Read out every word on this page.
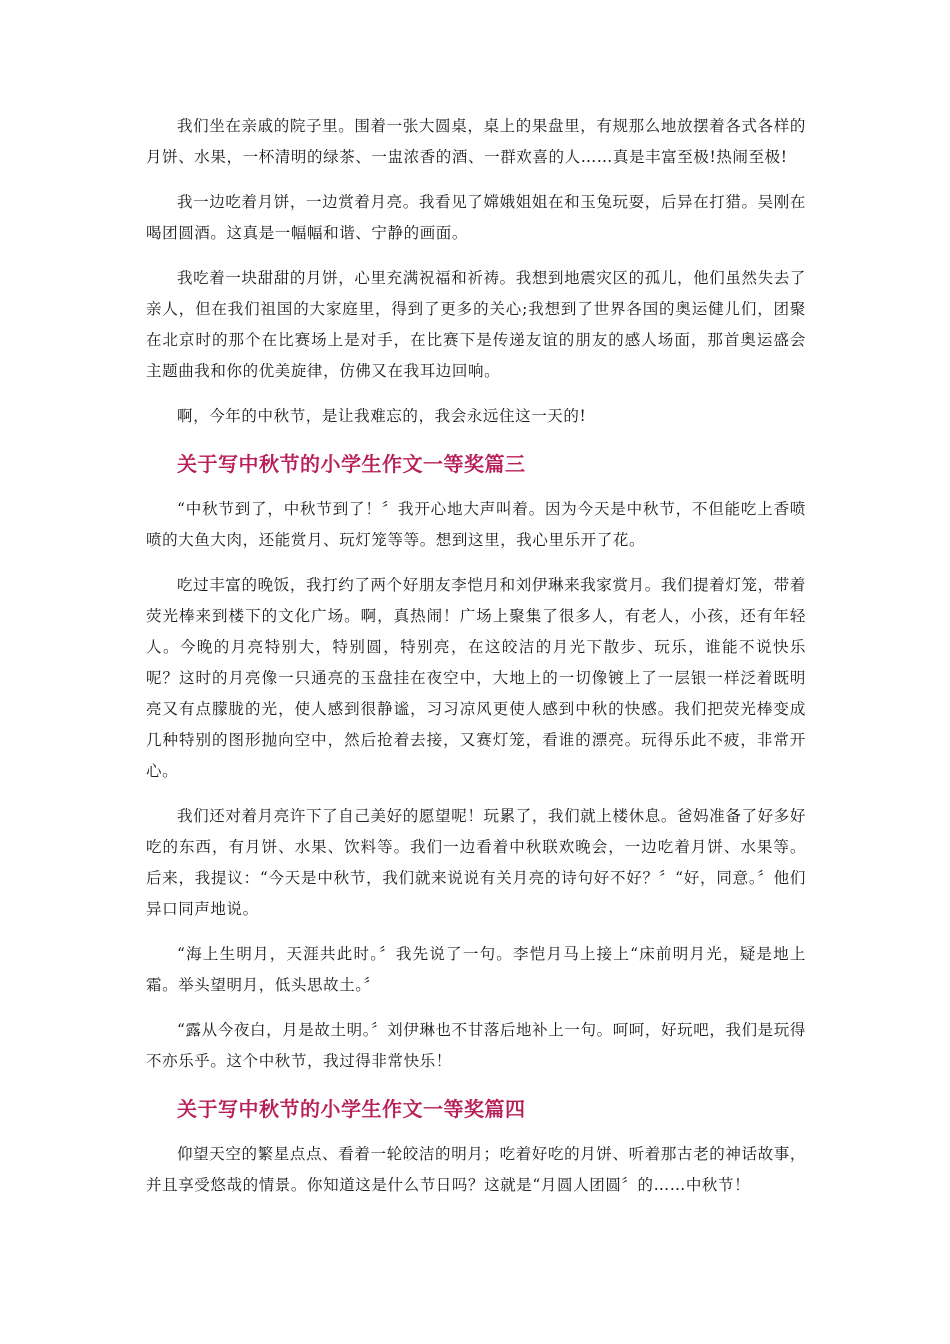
我们坐在亲戚的院子里。围着一张大圆桌，桌上的果盘里，有规那么地放摆着各式各样的月饼、水果，一杯清明的绿茶、一盅浓香的酒、一群欢喜的人……真是丰富至极!热闹至极!

我一边吃着月饼，一边赏着月亮。我看见了嫦娥姐姐在和玉兔玩耍，后异在打猎。吴刚在喝团圆酒。这真是一幅幅和谐、宁静的画面。

我吃着一块甜甜的月饼，心里充满祝福和祈祷。我想到地震灾区的孤儿，他们虽然失去了亲人，但在我们祖国的大家庭里，得到了更多的关心;我想到了世界各国的奥运健儿们，团聚在北京时的那个在比赛场上是对手，在比赛下是传递友谊的朋友的感人场面，那首奥运盛会主题曲我和你的优美旋律，仿佛又在我耳边回响。

啊，今年的中秋节，是让我难忘的，我会永远住这一天的!

关于写中秋节的小学生作文一等奖篇三

“中秋节到了，中秋节到了！〞我开心地大声叫着。因为今天是中秋节，不但能吃上香喷喷的大鱼大肉，还能赏月、玩灯笼等等。想到这里，我心里乐开了花。

吃过丰富的晚饭，我打约了两个好朋友李恺月和刘伊琳来我家赏月。我们提着灯笼，带着荧光棒来到楼下的文化广场。啊，真热闹！广场上聚集了很多人，有老人，小孩，还有年轻人。今晚的月亮特别大，特别圆，特别亮，在这皎洁的月光下散步、玩乐，谁能不说快乐呢？这时的月亮像一只通亮的玉盘挂在夜空中，大地上的一切像镀上了一层银一样泛着既明亮又有点朦胧的光，使人感到很静谧，习习凉风更使人感到中秋的快感。我们把荧光棒变成几种特别的图形抛向空中，然后抢着去接，又赛灯笼，看谁的漂亮。玩得乐此不疲，非常开心。

我们还对着月亮许下了自己美好的愿望呢！玩累了，我们就上楼休息。爸妈准备了好多好吃的东西，有月饼、水果、饮料等。我们一边看着中秋联欢晚会，一边吃着月饼、水果等。后来，我提议：“今天是中秋节，我们就来说说有关月亮的诗句好不好？〞“好，同意。〞他们异口同声地说。

“海上生明月，天涯共此时。〞我先说了一句。李恺月马上接上“床前明月光，疑是地上霜。举头望明月，低头思故土。〞

“露从今夜白，月是故土明。〞刘伊琳也不甘落后地补上一句。呵呵，好玩吧，我们是玩得不亦乐乎。这个中秋节，我过得非常快乐！

关于写中秋节的小学生作文一等奖篇四

仰望天空的繁星点点、看着一轮皎洁的明月；吃着好吃的月饼、听着那古老的神话故事，并且享受悠哉的情景。你知道这是什么节日吗？这就是“月圆人团圆〞的……中秋节！
